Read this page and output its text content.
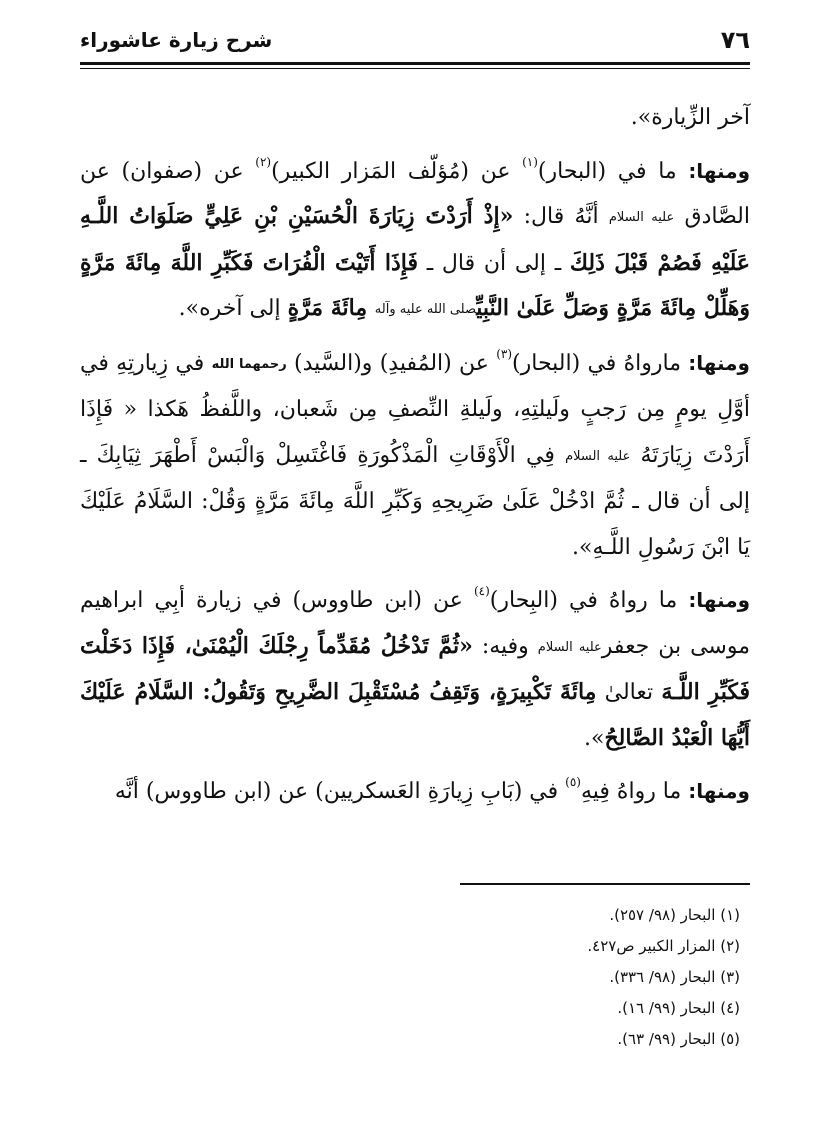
٧٦
شرح زيارة عاشوراء

آخر الزِّيارة».

ومنها: ما في (البحار)$^{(١)}$ عن (مُؤلّف المَزار الكبير)$^{(٢)}$ عن (صفوان) عن الصَّادق عليه السلام أنَّهُ قال: «إِذْ أَرَدْتَ زِيَارَةَ الْحُسَيْنِ بْنِ عَلِيٍّ صَلَوَاتُ اللَّـهِ عَلَيْهِ فَصُمْ قَبْلَ ذَلِكَ ـ إلى أن قال ـ فَإِذَا أَتَيْتَ الْفُرَاتَ فَكَبِّرِ اللَّهَ مِائَةَ مَرَّةٍ وَهَلِّلْ مِائَةَ مَرَّةٍ وَصَلِّ عَلَىٰ النَّبِيِّصلى الله عليه وآله مِائَةَ مَرَّةٍ إلى آخره».

ومنها: مارواهُ في (البحار)$^{(٣)}$ عن (المُفيدِ) و(السَّيد) رحمهما الله في زِيارتِهِ في أوَّلِ يومٍ مِن رَجبٍ ولَيلتِهِ، ولَيلةِ النِّصفِ مِن شَعبان، واللَّفظُ هَكذا « فَإِذَا أَرَدْتَ زِيَارَتَهُ عليه السلام فِي الْأَوْقَاتِ الْمَذْكُورَةِ فَاغْتَسِلْ وَالْبَسْ أَطْهَرَ ثِيَابِكَ ـ إلى أن قال ـ ثُمَّ ادْخُلْ عَلَىٰ ضَرِيحِهِ وَكَبِّرِ اللَّهَ مِائَةَ مَرَّةٍ وَقُلْ: السَّلَامُ عَلَيْكَ يَا ابْنَ رَسُولِ اللَّـهِ».

ومنها: ما رواهُ في (البِحار)$^{(٤)}$ عن (ابن طاووس) في زيارة أبِي ابراهيم موسى بن جعفرعليه السلام وفيه: «ثُمَّ تَدْخُلُ مُقَدِّماً رِجْلَكَ الْيُمْنَىٰ، فَإِذَا دَخَلْتَ فَكَبِّرِ اللَّـهَ تعالىٰ مِائَةَ تَكْبِيرَةٍ، وَتَقِفُ مُسْتَقْبِلَ الضَّرِيحِ وَتَقُولُ: السَّلَامُ عَلَيْكَ أَيُّهَا الْعَبْدُ الصَّالِحُ».

ومنها: ما رواهُ فِيهِ$^{(٥)}$ في (بَابِ زِيارَةِ العَسكريين) عن (ابن طاووس) أنَّه

(١) البحار (٩٨/ ٢٥٧).
(٢) المزار الكبير ص٤٢٧.
(٣) البحار (٩٨/ ٣٣٦).
(٤) البحار (٩٩/ ١٦).
(٥) البحار (٩٩/ ٦٣).
